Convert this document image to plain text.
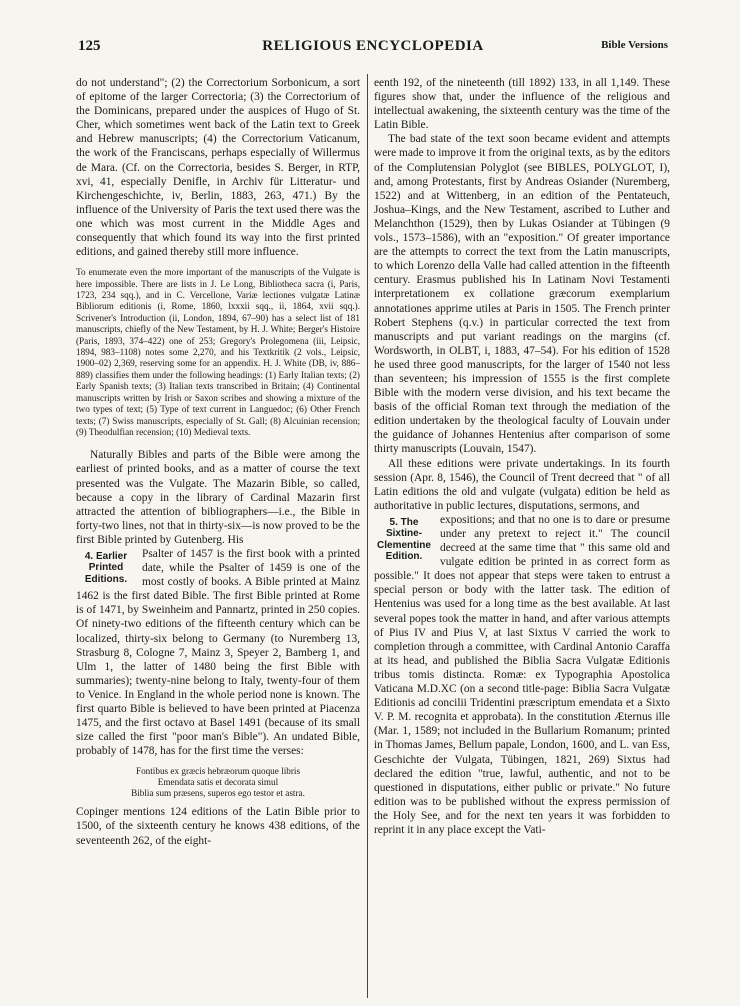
125	RELIGIOUS ENCYCLOPEDIA	Bible Versions

do not understand"; (2) the Correctorium Sorbonicum, a sort of epitome of the larger Correctoria; (3) the Correctorium of the Dominicans, prepared under the auspices of Hugo of St. Cher, which sometimes went back of the Latin text to Greek and Hebrew manuscripts; (4) the Correctorium Vaticanum, the work of the Franciscans, perhaps especially of Willermus de Mara. (Cf. on the Correctoria, besides S. Berger, in RTP, xvi, 41, especially Denifle, in Archiv für Litteratur- und Kirchengeschichte, iv, Berlin, 1883, 263, 471.) By the influence of the University of Paris the text used there was the one which was most current in the Middle Ages and consequently that which found its way into the first printed editions, and gained thereby still more influence.

To enumerate even the more important of the manuscripts of the Vulgate is here impossible. There are lists in J. Le Long, Bibliotheca sacra (i, Paris, 1723, 234 sqq.), and in C. Vercellone, Variæ lectiones vulgatæ Latinæ Bibliorum editionis (i, Rome, 1860, lxxxii sqq., ii, 1864, xvii sqq.). Scrivener's Introduction (ii, London, 1894, 67–90) has a select list of 181 manuscripts, chiefly of the New Testament, by H. J. White; Berger's Histoire (Paris, 1893, 374–422) one of 253; Gregory's Prolegomena (iii, Leipsic, 1894, 983–1108) notes some 2,270, and his Textkritik (2 vols., Leipsic, 1900–02) 2,369, reserving some for an appendix. H. J. White (DB, iv, 886–889) classifies them under the following headings: (1) Early Italian texts; (2) Early Spanish texts; (3) Italian texts transcribed in Britain; (4) Continental manuscripts written by Irish or Saxon scribes and showing a mixture of the two types of text; (5) Type of text current in Languedoc; (6) Other French texts; (7) Swiss manuscripts, especially of St. Gall; (8) Alcuinian recension; (9) Theodulfian recension; (10) Medieval texts.

Naturally Bibles and parts of the Bible were among the earliest of printed books, and as a matter of course the text presented was the Vulgate. The Mazarin Bible, so called, because a copy in the library of Cardinal Mazarin first attracted the attention of bibliographers—i.e., the Bible in forty-two lines, not that in thirty-six—is now proved to be the first Bible printed by Gutenberg. His

4. Earlier Printed Editions.

Psalter of 1457 is the first book with a printed date, while the Psalter of 1459 is one of the most costly of books. A Bible printed at Mainz 1462 is the first dated Bible. The first Bible printed at Rome is of 1471, by Sweinheim and Pannartz, printed in 250 copies. Of ninety-two editions of the fifteenth century which can be localized, thirty-six belong to Germany (to Nuremberg 13, Strasburg 8, Cologne 7, Mainz 3, Speyer 2, Bamberg 1, and Ulm 1, the latter of 1480 being the first Bible with summaries); twenty-nine belong to Italy, twenty-four of them to Venice. In England in the whole period none is known. The first quarto Bible is believed to have been printed at Piacenza 1475, and the first octavo at Basel 1491 (because of its small size called the first "poor man's Bible"). An undated Bible, probably of 1478, has for the first time the verses:

Fontibus ex græcis hebræorum quoque libris
Emendata satis et decorata simul
Biblia sum præsens, superos ego testor et astra.

Copinger mentions 124 editions of the Latin Bible prior to 1500, of the sixteenth century he knows 438 editions, of the seventeenth 262, of the eight-

eenth 192, of the nineteenth (till 1892) 133, in all 1,149. These figures show that, under the influence of the religious and intellectual awakening, the sixteenth century was the time of the Latin Bible.

The bad state of the text soon became evident and attempts were made to improve it from the original texts, as by the editors of the Complutensian Polyglot (see BIBLES, POLYGLOT, I), and, among Protestants, first by Andreas Osiander (Nuremberg, 1522) and at Wittenberg, in an edition of the Pentateuch, Joshua–Kings, and the New Testament, ascribed to Luther and Melanchthon (1529), then by Lukas Osiander at Tübingen (9 vols., 1573–1586), with an "exposition." Of greater importance are the attempts to correct the text from the Latin manuscripts, to which Lorenzo della Valle had called attention in the fifteenth century. Erasmus published his In Latinam Novi Testamenti interpretationem ex collatione græcorum exemplarium annotationes apprime utiles at Paris in 1505. The French printer Robert Stephens (q.v.) in particular corrected the text from manuscripts and put variant readings on the margins (cf. Wordsworth, in OLBT, i, 1883, 47–54). For his edition of 1528 he used three good manuscripts, for the larger of 1540 not less than seventeen; his impression of 1555 is the first complete Bible with the modern verse division, and his text became the basis of the official Roman text through the mediation of the edition undertaken by the theological faculty of Louvain under the guidance of Johannes Hentenius after comparison of some thirty manuscripts (Louvain, 1547).

All these editions were private undertakings. In its fourth session (Apr. 8, 1546), the Council of Trent decreed that " of all Latin editions the old and vulgate (vulgata) edition be held as authoritative in public lectures, disputations, sermons, and

5. The Sixtine-Clementine Edition.

expositions; and that no one is to dare or presume under any pretext to reject it." The council decreed at the same time that " this same old and vulgate edition be printed in as correct form as possible." It does not appear that steps were taken to entrust a special person or body with the latter task. The edition of Hentenius was used for a long time as the best available. At last several popes took the matter in hand, and after various attempts of Pius IV and Pius V, at last Sixtus V carried the work to completion through a committee, with Cardinal Antonio Caraffa at its head, and published the Biblia Sacra Vulgatæ Editionis tribus tomis distincta. Romæ: ex Typographia Apostolica Vaticana M.D.XC (on a second title-page: Biblia Sacra Vulgatæ Editionis ad concilii Tridentini præscriptum emendata et a Sixto V. P. M. recognita et approbata). In the constitution Æternus ille (Mar. 1, 1589; not included in the Bullarium Romanum; printed in Thomas James, Bellum papale, London, 1600, and L. van Ess, Geschichte der Vulgata, Tübingen, 1821, 269) Sixtus had declared the edition "true, lawful, authentic, and not to be questioned in disputations, either public or private." No future edition was to be published without the express permission of the Holy See, and for the next ten years it was forbidden to reprint it in any place except the Vati-
